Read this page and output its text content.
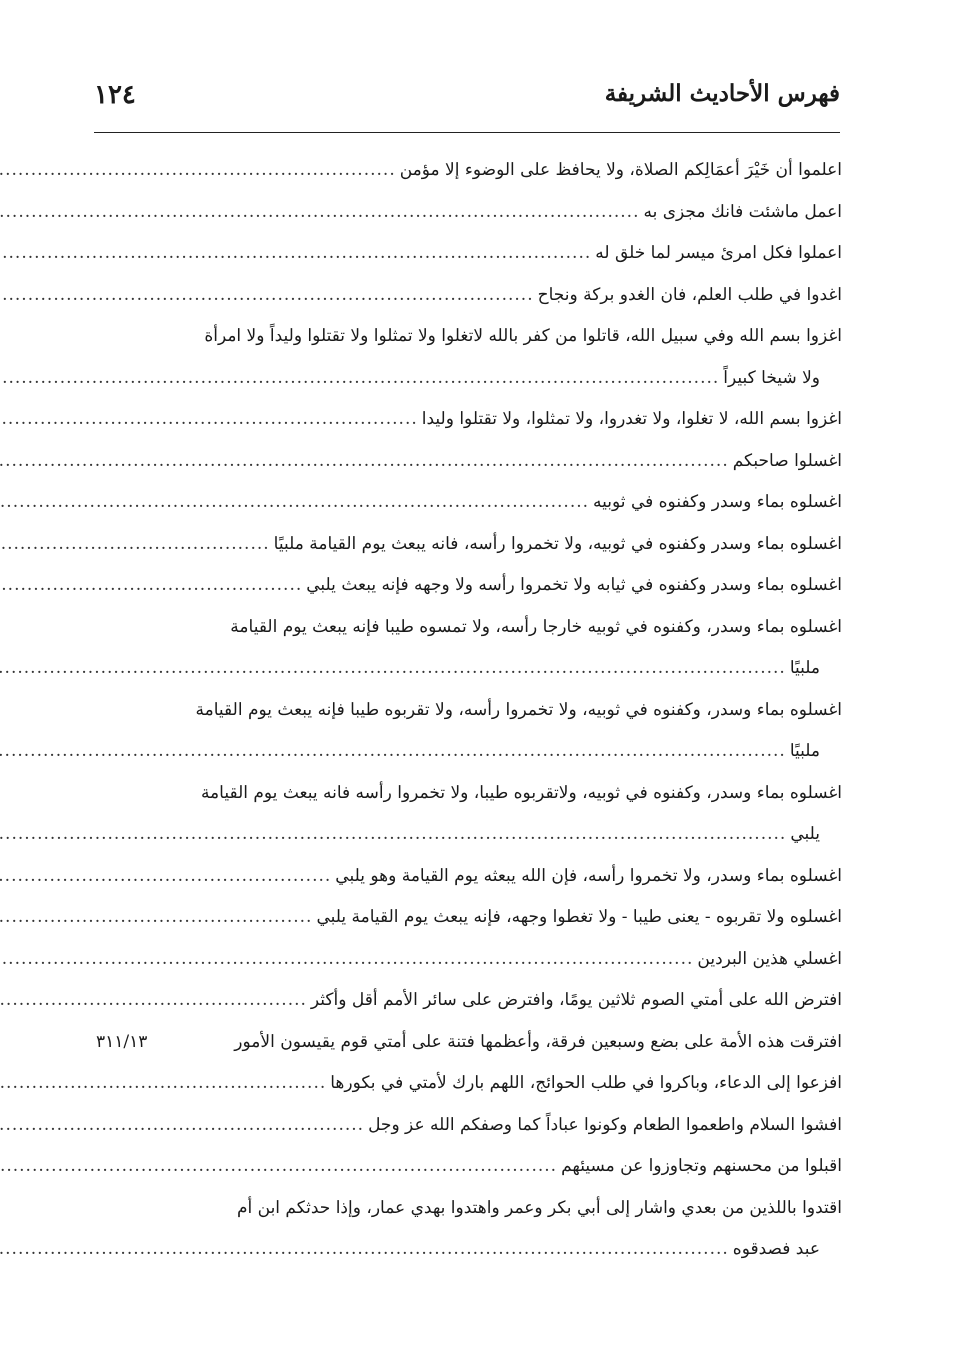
١٢٤	فهرس الأحاديث الشريفة
اعلموا أن خَيْرَ أعمَالِكم الصلاة، ولا يحافظ على الوضوء إلا مؤمن
.....
اعمل ماشئت فانك مجزى به
.....
اعملوا فكل امرئ ميسر لما خلق له
.....
اغدوا في طلب العلم، فان الغدو بركة ونجاح
.....
اغزوا بسم الله وفي سبيل الله، قاتلوا من كفر بالله لاتغلوا ولا تمثلوا ولا تقتلوا وليداً ولا امرأة
ولا شيخا كبيراً
.....
اغزوا بسم الله، لا تغلوا، ولا تغدروا، ولا تمثلوا، ولا تقتلوا وليدا
.....
اغسلوا صاحبكم
.....
اغسلوه بماء وسدر وكفنوه في ثوبيه
.....
اغسلوه بماء وسدر وكفنوه في ثوبيه، ولا تخمروا رأسه، فانه يبعث يوم القيامة ملبيًا
.....
اغسلوه بماء وسدر وكفنوه في ثيابه ولا تخمروا رأسه ولا وجهه فإنه يبعث يلبي
.....
اغسلوه بماء وسدر، وكفنوه في ثوبيه خارجا رأسه، ولا تمسوه طيبا فإنه يبعث يوم القيامة
ملبيًا
.....
اغسلوه بماء وسدر، وكفنوه في ثوبيه، ولا تخمروا رأسه، ولا تقربوه طيبا فإنه يبعث يوم القيامة
ملبيًا
.....
اغسلوه بماء وسدر، وكفنوه في ثوبيه، ولاتقربوه طيبا، ولا تخمروا رأسه فانه يبعث يوم القيامة
يلبي
.....
اغسلوه بماء وسدر، ولا تخمروا رأسه، فإن الله يبعثه يوم القيامة وهو يلبي
.....
اغسلوه ولا تقربوه - يعنى طيبا - ولا تغطوا وجهه، فإنه يبعث يوم القيامة يلبي
.....
اغسلي هذين البردين
.....
افترض الله على أمتي الصوم ثلاثين يومًا، وافترض على سائر الأمم أقل وأكثر
.....
افترقت هذه الأمة على بضع وسبعين فرقة، وأعظمها فتنة على أمتي قوم يقيسون الأمور
٣١١/١٣
افزعوا إلى الدعاء، وباكروا في طلب الحوائج، اللهم بارك لأمتي في بكورها
.....
افشوا السلام واطعموا الطعام وكونوا عباداً كما وصفكم الله عز وجل
.....
اقبلوا من محسنهم وتجاوزوا عن مسيئهم
.....
اقتدوا باللذين من بعدي واشار إلى أبي بكر وعمر واهتدوا بهدي عمار، وإذا حدثكم ابن أم
عبد فصدقوه
.....
